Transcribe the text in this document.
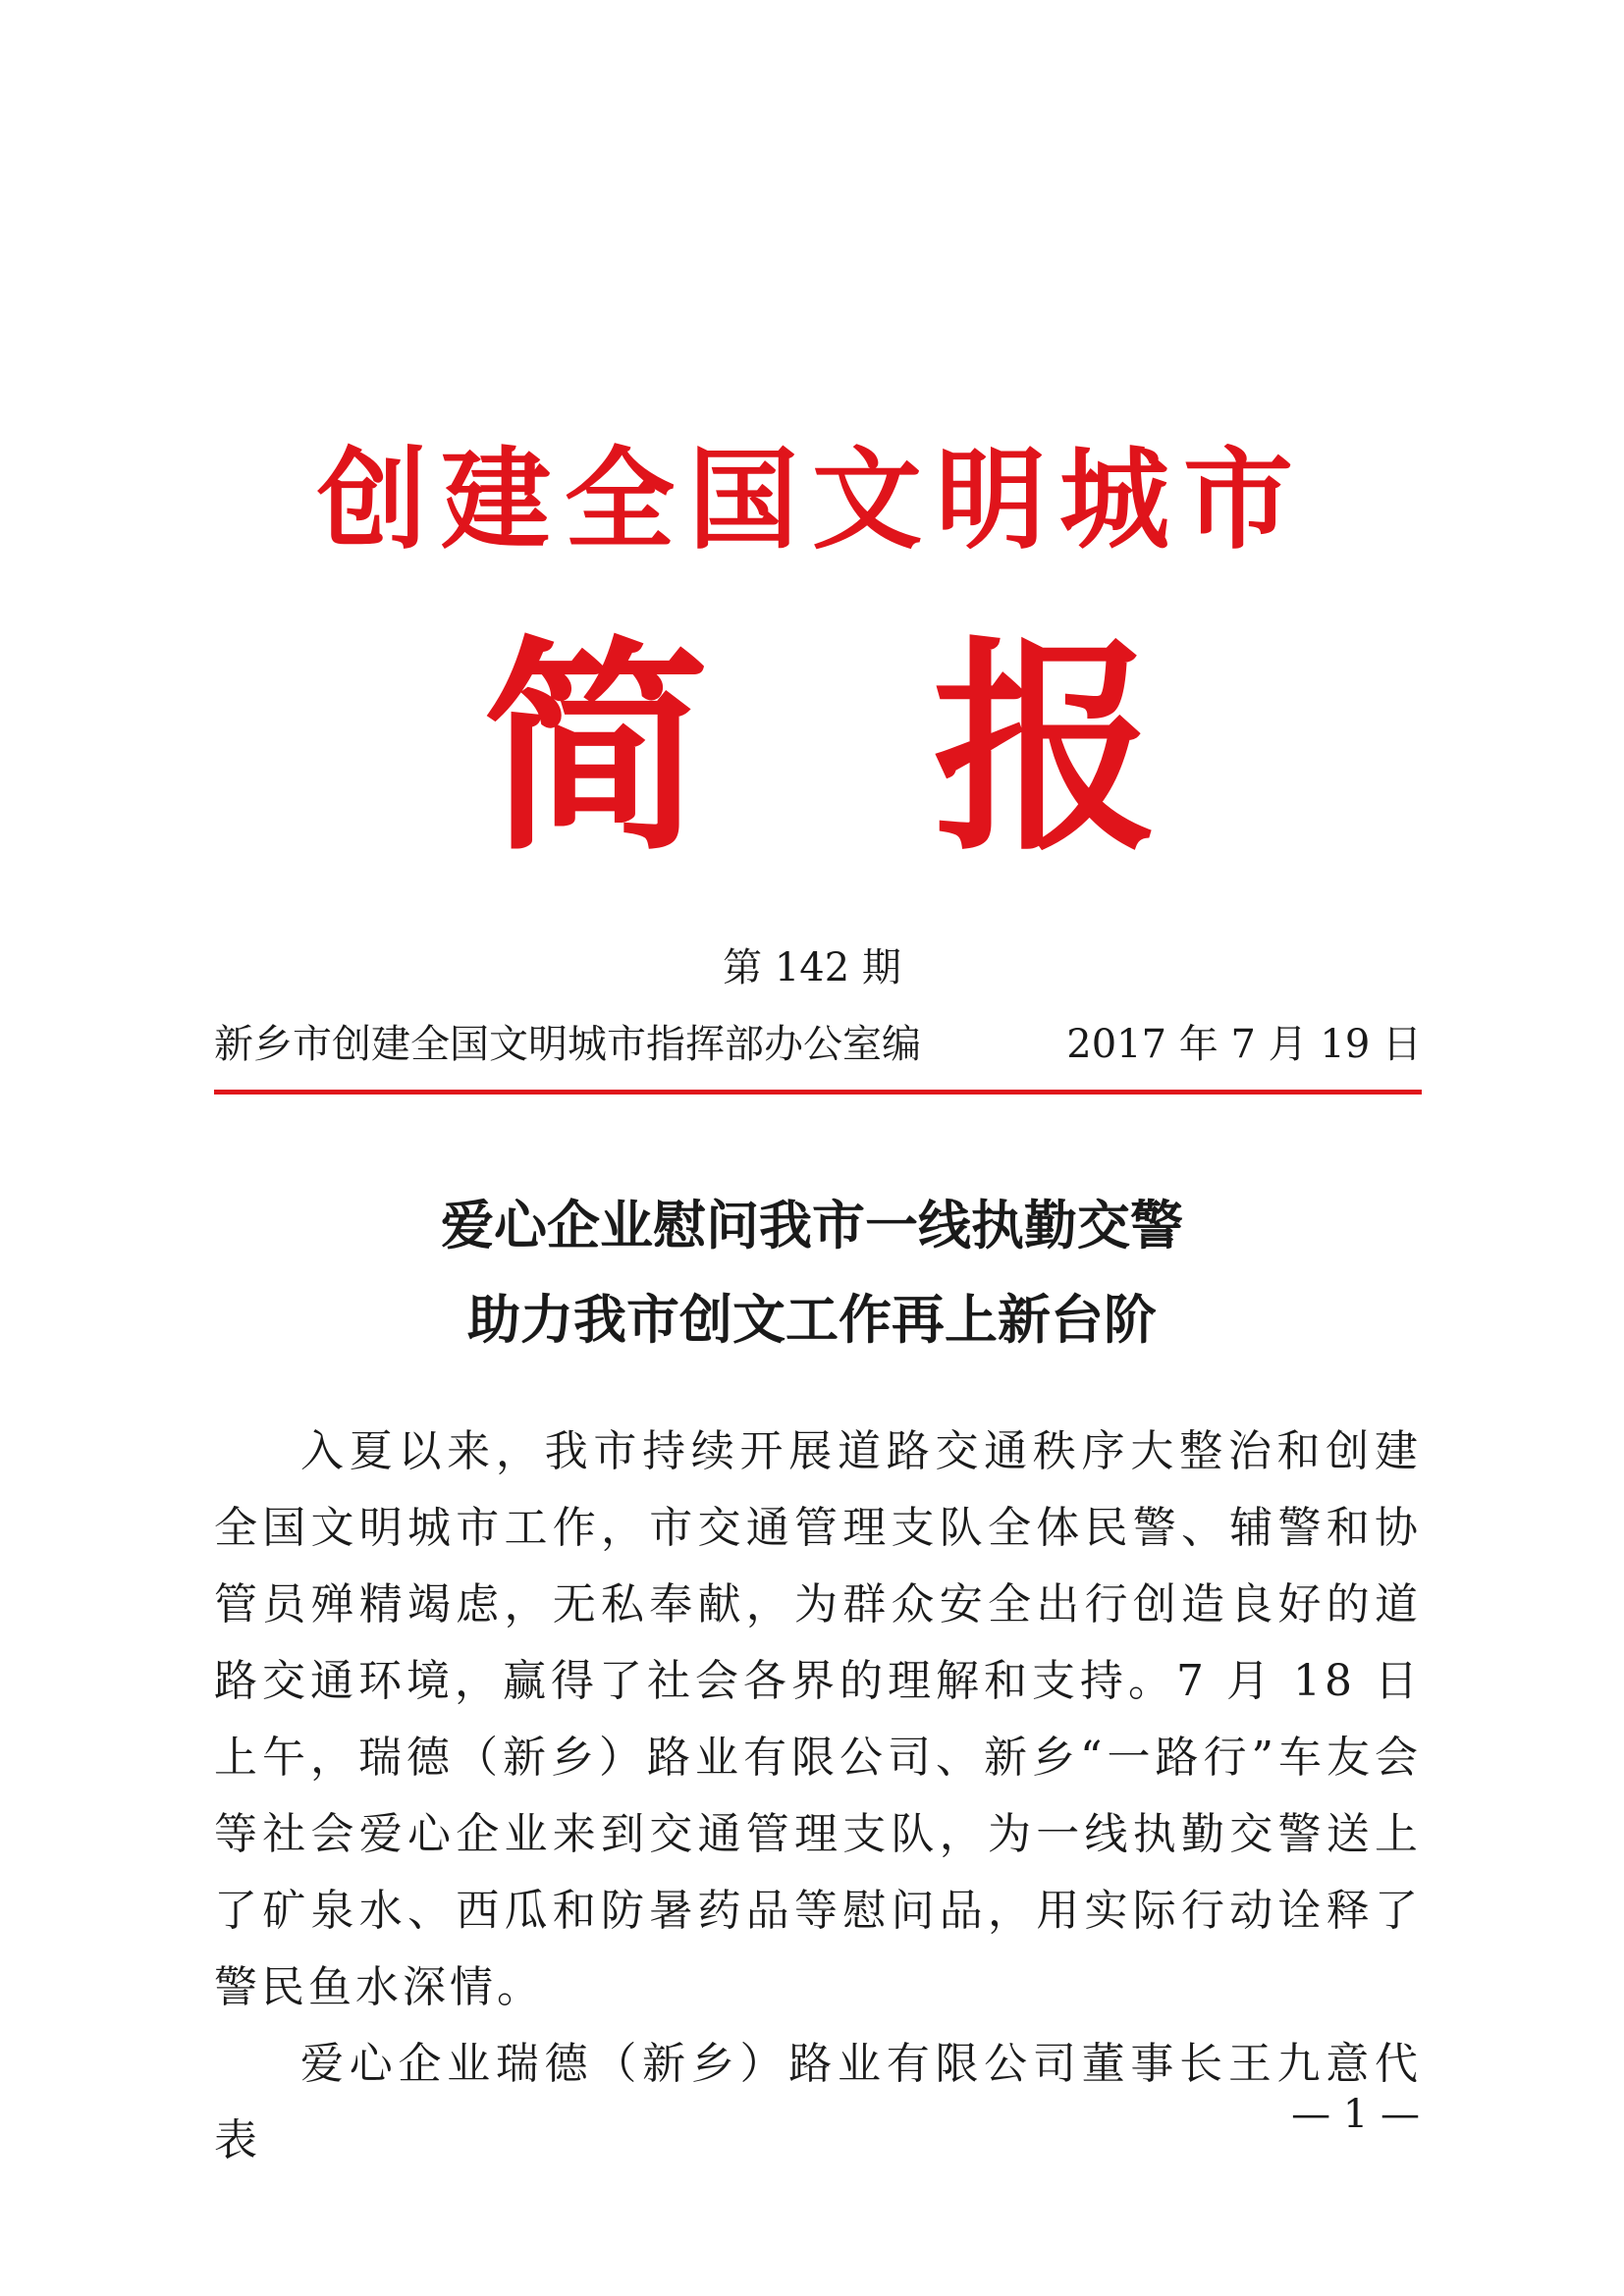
创建全国文明城市
简 报
第 142 期
新乡市创建全国文明城市指挥部办公室编	2017 年 7 月 19 日
爱心企业慰问我市一线执勤交警
助力我市创文工作再上新台阶

入夏以来，我市持续开展道路交通秩序大整治和创建全国文明城市工作，市交通管理支队全体民警、辅警和协管员殚精竭虑，无私奉献，为群众安全出行创造良好的道路交通环境，赢得了社会各界的理解和支持。7 月 18 日上午，瑞德（新乡）路业有限公司、新乡“一路行”车友会等社会爱心企业来到交通管理支队，为一线执勤交警送上了矿泉水、西瓜和防暑药品等慰问品，用实际行动诠释了警民鱼水深情。

爱心企业瑞德（新乡）路业有限公司董事长王九意代表

— 1 —
